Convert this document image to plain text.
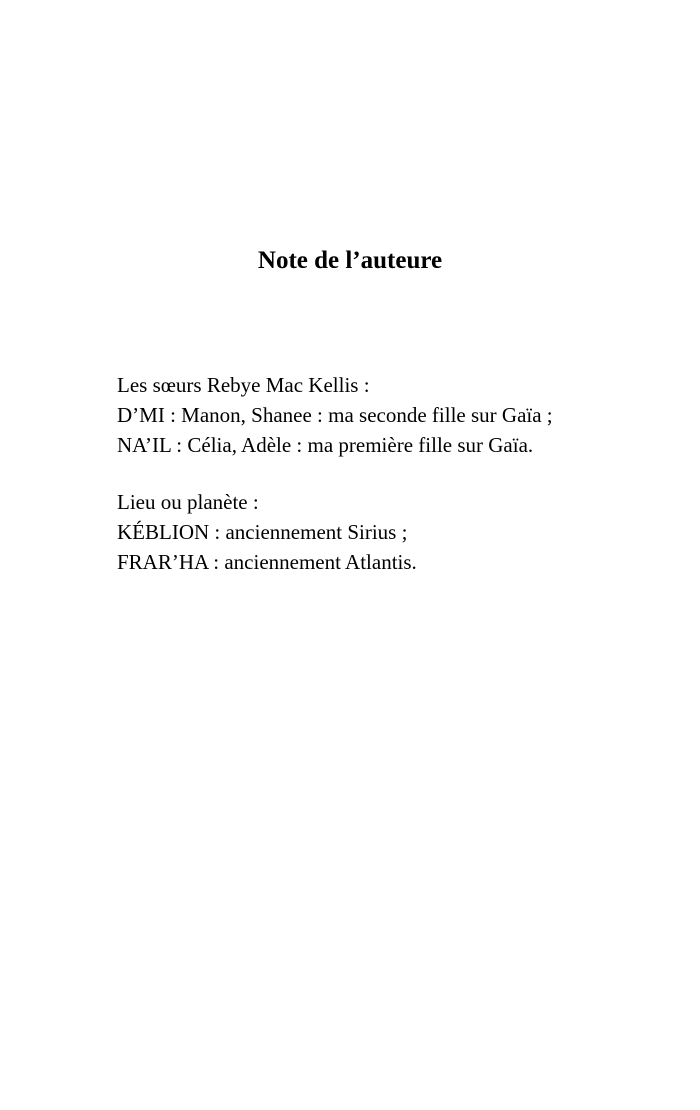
Note de l’auteure

Les sœurs Rebye Mac Kellis :

D’MI : Manon, Shanee : ma seconde fille sur Gaïa ;

NA’IL : Célia, Adèle : ma première fille sur Gaïa.

Lieu ou planète :

KÉBLION : anciennement Sirius ;

FRAR’HA : anciennement Atlantis.
